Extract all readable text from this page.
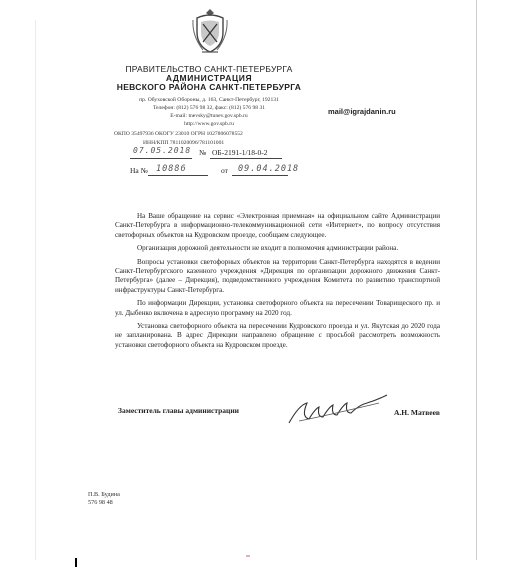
ПРАВИТЕЛЬСТВО САНКТ-ПЕТЕРБУРГА
АДМИНИСТРАЦИЯ
НЕВСКОГО РАЙОНА САНКТ-ПЕТЕРБУРГА
пр. Обуховской Обороны, д. 163, Санкт-Петербург, 192131
Телефон: (812) 576 98 32, факс: (812) 576 98 31
E-mail: tnevsky@tunev.gov.spb.ru
http://www.gov.spb.ru
ОКПО 35497936 ОКОГУ 23010 ОГРН 1027806078552
ИНН/КПП 7811020096/781101001
mail@igrajdanin.ru
07.05.2018 № ОБ-2191-1/18-0-2
На № 10886	от 09.04.2018

На Ваше обращение на сервис «Электронная приемная» на официальном сайте Администрации Санкт-Петербурга в информационно-телекоммуникационной сети «Интернет», по вопросу отсутствия светофорных объектов на Кудровском проезде, сообщаем следующее.

Организация дорожной деятельности не входит в полномочия администрации района.

Вопросы установки светофорных объектов на территории Санкт-Петербурга находятся в ведении Санкт-Петербургского казенного учреждения «Дирекция по организации дорожного движения Санкт-Петербурга» (далее – Дирекция), подведомственного учреждения Комитета по развитию транспортной инфраструктуры Санкт-Петербурга.

По информации Дирекции, установка светофорного объекта на пересечении Товарищеского пр. и ул. Дыбенко включена в адресную программу на 2020 год.

Установка светофорного объекта на пересечении Кудровского проезда и ул. Якутская до 2020 года не запланирована. В адрес Дирекции направлено обращение с просьбой рассмотреть возможность установки светофорного объекта на Кудровском проезде.

Заместитель главы администрации	А.Н. Матвеев
П.В. Будина
576 98 48
